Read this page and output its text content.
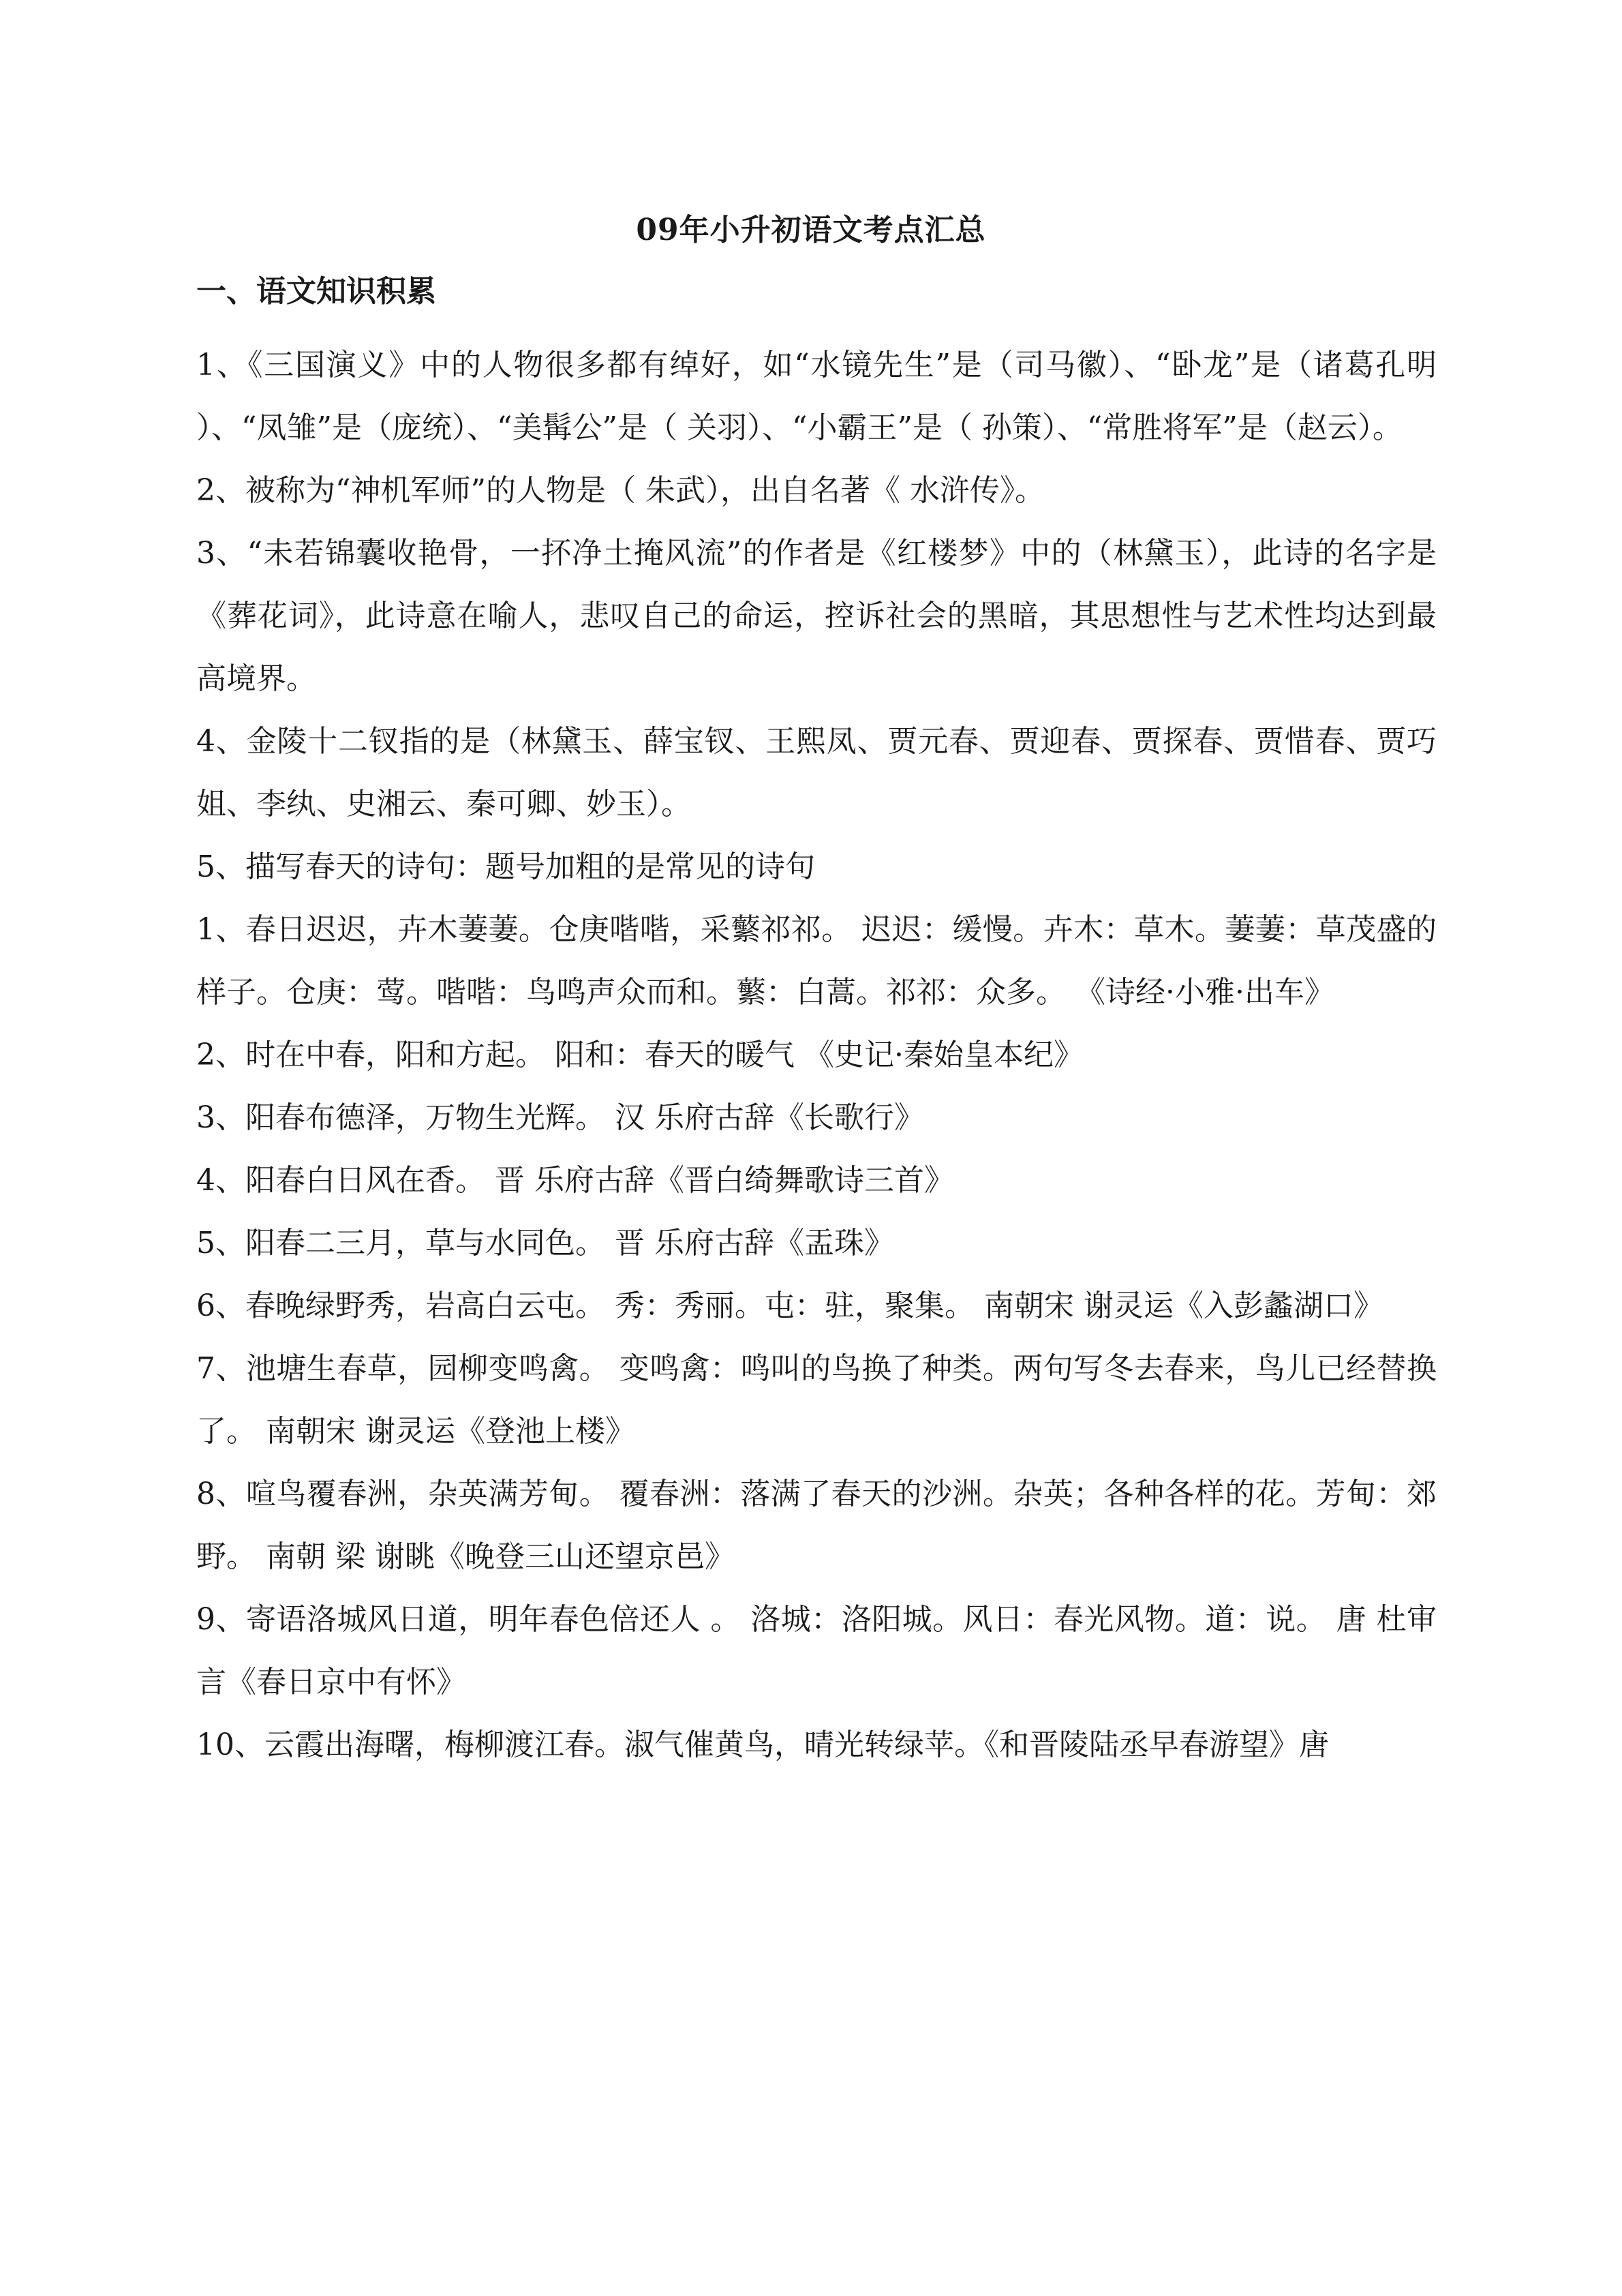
09年小升初语文考点汇总
一、语文知识积累
1、《三国演义》中的人物很多都有绰好，如“水镜先生”是（司马徽）、“卧龙”是（诸葛孔明 ）、“凤雏”是（庞统）、“美髯公”是（ 关羽）、“小霸王”是（ 孙策）、“常胜将军”是（赵云）。
2、被称为“神机军师”的人物是（ 朱武），出自名著《 水浒传》。
3、“未若锦囊收艳骨，一抔净土掩风流”的作者是《红楼梦》中的（林黛玉），此诗的名字是《葬花词》，此诗意在喻人，悲叹自己的命运，控诉社会的黑暗，其思想性与艺术性均达到最高境界。
4、金陵十二钗指的是（林黛玉、薛宝钗、王熙凤、贾元春、贾迎春、贾探春、贾惜春、贾巧姐、李纨、史湘云、秦可卿、妙玉）。
5、描写春天的诗句：题号加粗的是常见的诗句
1、春日迟迟，卉木萋萋。仓庚喈喈，采蘩祁祁。 迟迟：缓慢。卉木：草木。萋萋：草茂盛的样子。仓庚：莺。喈喈：鸟鸣声众而和。蘩：白蒿。祁祁：众多。 《诗经·小雅·出车》
2、时在中春，阳和方起。 阳和：春天的暖气 《史记·秦始皇本纪》
3、阳春布德泽，万物生光辉。 汉 乐府古辞《长歌行》
4、阳春白日风在香。 晋 乐府古辞《晋白绮舞歌诗三首》
5、阳春二三月，草与水同色。 晋 乐府古辞《盂珠》
6、春晚绿野秀，岩高白云屯。 秀：秀丽。屯：驻，聚集。 南朝宋 谢灵运《入彭蠡湖口》
7、池塘生春草，园柳变鸣禽。 变鸣禽：鸣叫的鸟换了种类。两句写冬去春来，鸟儿已经替换了。 南朝宋 谢灵运《登池上楼》
8、喧鸟覆春洲，杂英满芳甸。 覆春洲：落满了春天的沙洲。杂英；各种各样的花。芳甸：郊野。 南朝 梁 谢眺《晚登三山还望京邑》
9、寄语洛城风日道，明年春色倍还人 。 洛城：洛阳城。风日：春光风物。道：说。 唐 杜审言《春日京中有怀》
10、云霞出海曙，梅柳渡江春。淑气催黄鸟，晴光转绿苹。《和晋陵陆丞早春游望》唐
